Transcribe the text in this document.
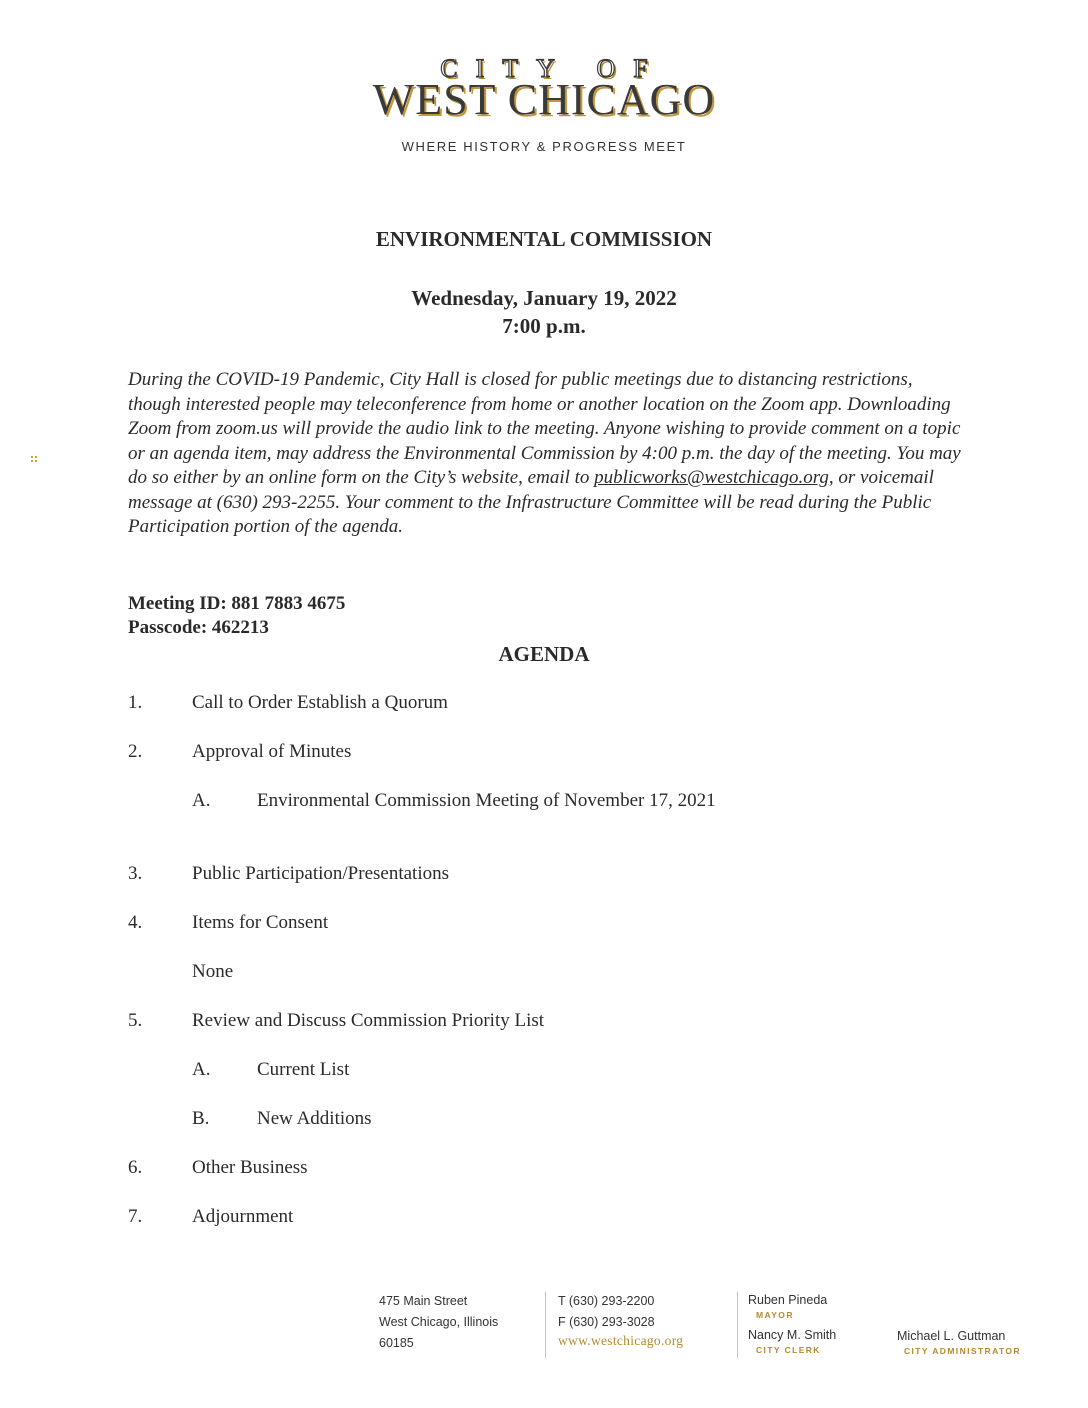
CITY OF
WEST CHICAGO
WHERE HISTORY & PROGRESS MEET
ENVIRONMENTAL COMMISSION
Wednesday, January 19, 2022
7:00 p.m.
During the COVID-19 Pandemic, City Hall is closed for public meetings due to distancing restrictions, though interested people may teleconference from home or another location on the Zoom app. Downloading Zoom from zoom.us will provide the audio link to the meeting. Anyone wishing to provide comment on a topic or an agenda item, may address the Environmental Commission by 4:00 p.m. the day of the meeting. You may do so either by an online form on the City’s website, email to publicworks@westchicago.org, or voicemail message at (630) 293-2255. Your comment to the Infrastructure Committee will be read during the Public Participation portion of the agenda.
Meeting ID: 881 7883 4675
Passcode: 462213
AGENDA
1.	Call to Order Establish a Quorum
2.	Approval of Minutes
A. Environmental Commission Meeting of November 17, 2021
3.	Public Participation/Presentations
4.	Items for Consent
None
5.	Review and Discuss Commission Priority List
A. Current List
B.	New Additions
6.	Other Business
7.	Adjournment
475 Main Street
West Chicago, Illinois
60185
T (630) 293-2200
F (630) 293-3028
www.westchicago.org
Ruben Pineda
MAYOR
Nancy M. Smith
CITY CLERK
Michael L. Guttman
CITY ADMINISTRATOR
